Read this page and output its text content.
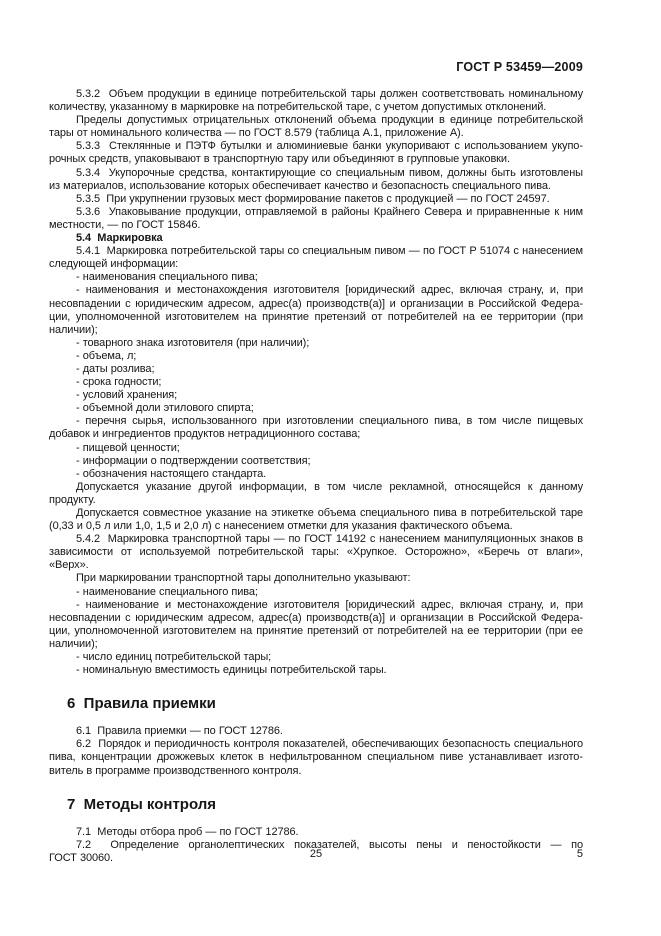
ГОСТ Р 53459—2009

5.3.2  Объем продукции в единице потребительской тары должен соответствовать номинальному количеству, указанному в маркировке на потребительской таре, с учетом допустимых отклонений.

Пределы допустимых отрицательных отклонений объема продукции в единице потребительской тары от номинального количества — по ГОСТ 8.579 (таблица А.1, приложение А).

5.3.3  Стеклянные и ПЭТФ бутылки и алюминиевые банки укупоривают с использованием укупорочных средств, упаковывают в транспортную тару или объединяют в групповые упаковки.

5.3.4  Укупорочные средства, контактирующие со специальным пивом, должны быть изготовлены из материалов, использование которых обеспечивает качество и безопасность специального пива.

5.3.5  При укрупнении грузовых мест формирование пакетов с продукцией — по ГОСТ 24597.

5.3.6  Упаковывание продукции, отправляемой в районы Крайнего Севера и приравненные к ним местности, — по ГОСТ 15846.

5.4  Маркировка

5.4.1  Маркировка потребительской тары со специальным пивом — по ГОСТ Р 51074 с нанесением следующей информации:

- наименования специального пива;

- наименования и местонахождения изготовителя [юридический адрес, включая страну, и, при несовпадении с юридическим адресом, адрес(а) производств(а)] и организации в Российской Федерации, уполномоченной изготовителем на принятие претензий от потребителей на ее территории (при наличии);

- товарного знака изготовителя (при наличии);

- объема, л;

- даты розлива;

- срока годности;

- условий хранения;

- объемной доли этилового спирта;

- перечня сырья, использованного при изготовлении специального пива, в том числе пищевых добавок и ингредиентов продуктов нетрадиционного состава;

- пищевой ценности;

- информации о подтверждении соответствия;

- обозначения настоящего стандарта.

Допускается указание другой информации, в том числе рекламной, относящейся к данному продукту.

Допускается совместное указание на этикетке объема специального пива в потребительской таре (0,33 и 0,5 л или 1,0, 1,5 и 2,0 л) с нанесением отметки для указания фактического объема.

5.4.2  Маркировка транспортной тары — по ГОСТ 14192 с нанесением манипуляционных знаков в зависимости от используемой потребительской тары: «Хрупкое. Осторожно», «Беречь от влаги», «Верх».

При маркировании транспортной тары дополнительно указывают:

- наименование специального пива;

- наименование и местонахождение изготовителя [юридический адрес, включая страну, и, при несовпадении с юридическим адресом, адрес(а) производств(а)] и организации в Российской Федерации, уполномоченной изготовителем на принятие претензий от потребителей на ее территории (при ее наличии);

- число единиц потребительской тары;

- номинальную вместимость единицы потребительской тары.

6  Правила приемки

6.1  Правила приемки — по ГОСТ 12786.

6.2  Порядок и периодичность контроля показателей, обеспечивающих безопасность специального пива, концентрации дрожжевых клеток в нефильтрованном специальном пиве устанавливает изготовитель в программе производственного контроля.

7  Методы контроля

7.1  Методы отбора проб — по ГОСТ 12786.

7.2  Определение органолептических показателей, высоты пены и пеностойкости — по ГОСТ 30060.	25	5
